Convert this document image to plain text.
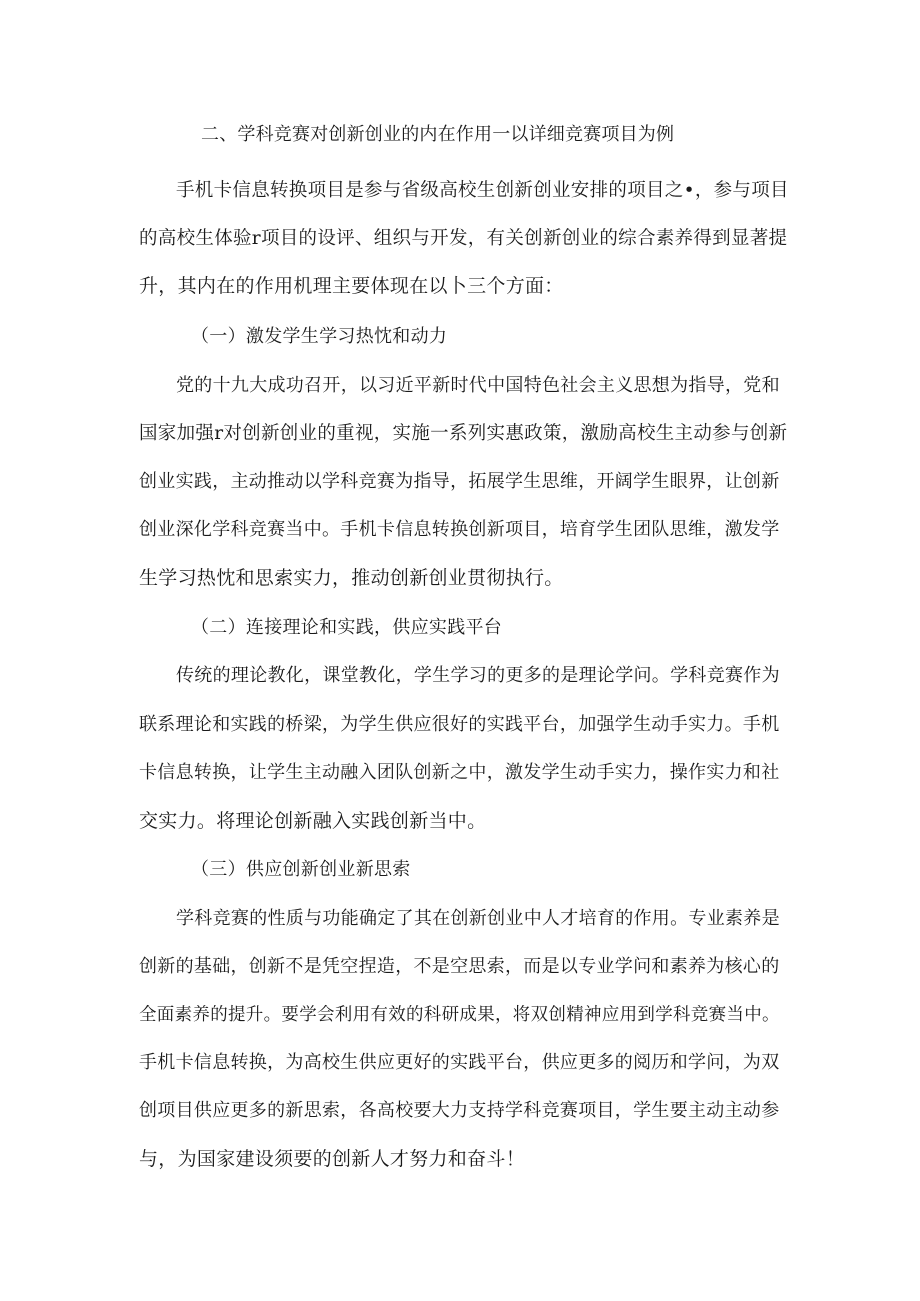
二、学科竞赛对创新创业的内在作用一以详细竞赛项目为例
手机卡信息转换项目是参与省级高校生创新创业安排的项目之•，参与项目
的高校生体验r项目的设评、组织与开发，有关创新创业的综合素养得到显著提
升，其内在的作用机理主要体现在以卜三个方面：
（一）激发学生学习热忱和动力
党的十九大成功召开，以习近平新时代中国特色社会主义思想为指导，党和
国家加强r对创新创业的重视，实施一系列实惠政策，激励高校生主动参与创新
创业实践，主动推动以学科竞赛为指导，拓展学生思维，开阔学生眼界，让创新
创业深化学科竞赛当中。手机卡信息转换创新项目，培育学生团队思维，激发学
生学习热忱和思索实力，推动创新创业贯彻执行。
（二）连接理论和实践，供应实践平台
传统的理论教化，课堂教化，学生学习的更多的是理论学问。学科竞赛作为
联系理论和实践的桥梁，为学生供应很好的实践平台，加强学生动手实力。手机
卡信息转换，让学生主动融入团队创新之中，激发学生动手实力，操作实力和社
交实力。将理论创新融入实践创新当中。
（三）供应创新创业新思索
学科竞赛的性质与功能确定了其在创新创业中人才培育的作用。专业素养是
创新的基础，创新不是凭空捏造，不是空思索，而是以专业学问和素养为核心的
全面素养的提升。要学会利用有效的科研成果，将双创精神应用到学科竞赛当中。
手机卡信息转换，为高校生供应更好的实践平台，供应更多的阅历和学问，为双
创项目供应更多的新思索，各高校要大力支持学科竞赛项目，学生要主动主动参
与，为国家建设须要的创新人才努力和奋斗！
